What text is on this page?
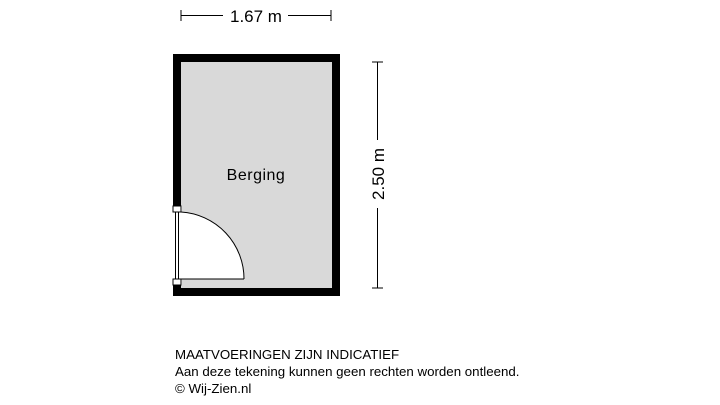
1.67 m
Berging	2.50 m
MAATVOERINGEN ZIJN INDICATIEF
Aan deze tekening kunnen geen rechten worden ontleend.
© Wij-Zien.nl
